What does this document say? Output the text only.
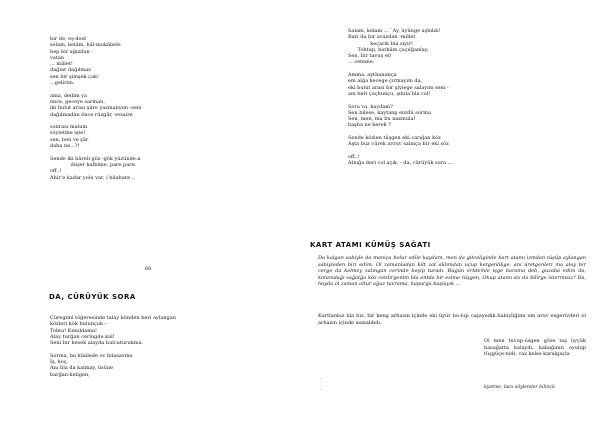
bir de, eş-dost
selam, kelâm, hâl-mukâbele
hep bir ağızdan -
vatan
... millet!
dağlar dağılmaz
sen bir şimşek çak!
...gelirim.
ama, dedim ya
önce, geceye sarmalı,
iki bulut arası şiire yazmalıyım -seni
dağılmadan önce rüzgâr, vesaire
sonrası malum
söyletme işte!
sen, ben ve şâr
daha ne...?!
Sende iki hâreli göz -gök yüzünde.n
düşer kalbime, pare pare.
off..!
Ahir'e kadar yolu var, / bilahare ..
60
DA, CÜRÜYÜK SORA
Cüregimi töğeresinde talay künden beri aylangan
közleri kök bulunçuk -
Tohta! Kımıldama!
Alay turğan ceringde kal!
Seni bir kesek alayda bulcuturukma.
Sorma, bu künlede ov bilasavma
İş, koç,
Anı bla da kalmay, üsüne
barğan-keligen,
Salam, kelam ... `Ay, üyünge aşhılık!
Barı da bir avazdan -millet
keçarık bla siyır!
Tohtap, barkâm çaçılğanlay,
Sen, bir tavuş et!
... ceteme.
Amma, aythanımça
em alğa kecegе çırmayım da,
eki bulut arası bir şiyiege salayım seni -
am beri çaçhunçu, şıhıla bla col!
Sora va, kaydam?
Sen bilese, kaytanp entdü sorma
Sen, men, ma bu nazmula!
başha ne kerek ?
Sende közlen tüşgen eki carığan köz
Aşta buz cürek avruv salınça bir eki söz
off..!
Alnığa deri col açık, - da, cürüyük sora ....
KART ATAMI KÜMÜŞ SAĞATI
Da kalgan sabiyle da meniça bolur edile kaydam, men da gitceliginde kart atamı izmdan tüşüp aylangan sabiyleden biri edim. Ol zamanladan kilt zat aklımdan uçup ketgenlikge, anı üretgenleri ma alay bir cerge da kelmey salıngan cerinde beşip turadı. Bugün ertdemle işge barama deb, guzaba edim da, kolumdağı sağatğa köz cetdirgenim bla entda bir esime tüşgen, Okup atamı siz da bilirge istermisiz? Da, hayda ol zaman oltur ağuz tavrama, haparğa başlayık ...
Kartlanbız bla biz, bir keng arbazın içinde eki üyür bo-lup caşayedik.Sabiyliğimi em aruv esgerüvleri ol arbazın içinde asmalıbdı.
·
·
Ol men tuvup-ösgen göze taş üyçük basağatta kalaydı, kabağının oyulup tüşgüçe-nidi, caz kelse karalgaçla
kyetme, bazı söylemler bilinçli
